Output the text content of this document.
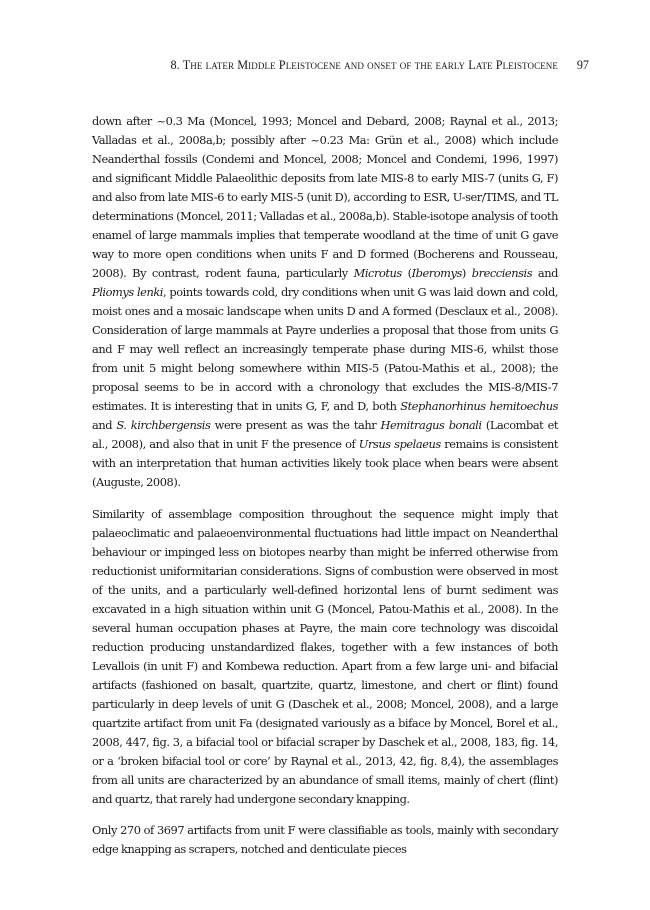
8. The later Middle Pleistocene and onset of the early Late Pleistocene	97

down after ~0.3 Ma (Moncel, 1993; Moncel and Debard, 2008; Raynal et al., 2013; Valladas et al., 2008a,b; possibly after ~0.23 Ma: Grün et al., 2008) which include Neanderthal fossils (Condemi and Moncel, 2008; Moncel and Condemi, 1996, 1997) and significant Middle Palaeolithic deposits from late MIS-8 to early MIS-7 (units G, F) and also from late MIS-6 to early MIS-5 (unit D), according to ESR, U-ser/TIMS, and TL determinations (Moncel, 2011; Valladas et al., 2008a,b). Stable-isotope analysis of tooth enamel of large mammals implies that temperate woodland at the time of unit G gave way to more open conditions when units F and D formed (Bocherens and Rousseau, 2008). By contrast, rodent fauna, particularly Microtus (Iberomys) brecciensis and Pliomys lenki, points towards cold, dry conditions when unit G was laid down and cold, moist ones and a mosaic landscape when units D and A formed (Desclaux et al., 2008). Consideration of large mammals at Payre underlies a proposal that those from units G and F may well reflect an increasingly temperate phase during MIS-6, whilst those from unit 5 might belong somewhere within MIS-5 (Patou-Mathis et al., 2008); the proposal seems to be in accord with a chronology that excludes the MIS-8/MIS-7 estimates. It is interesting that in units G, F, and D, both Stephanorhinus hemitoechus and S. kirchbergensis were present as was the tahr Hemitragus bonali (Lacombat et al., 2008), and also that in unit F the presence of Ursus spelaeus remains is consistent with an interpretation that human activities likely took place when bears were absent (Auguste, 2008).

Similarity of assemblage composition throughout the sequence might imply that palaeoclimatic and palaeoenvironmental fluctuations had little impact on Neanderthal behaviour or impinged less on biotopes nearby than might be inferred otherwise from reductionist uniformitarian considerations. Signs of combustion were observed in most of the units, and a particularly well-defined horizontal lens of burnt sediment was excavated in a high situation within unit G (Moncel, Patou-Mathis et al., 2008). In the several human occupation phases at Payre, the main core technology was discoidal reduction producing unstandardized flakes, together with a few instances of both Levallois (in unit F) and Kombewa reduction. Apart from a few large uni- and bifacial artifacts (fashioned on basalt, quartzite, quartz, limestone, and chert or flint) found particularly in deep levels of unit G (Daschek et al., 2008; Moncel, 2008), and a large quartzite artifact from unit Fa (designated variously as a biface by Moncel, Borel et al., 2008, 447, fig. 3, a bifacial tool or bifacial scraper by Daschek et al., 2008, 183, fig. 14, or a ‘broken bifacial tool or core’ by Raynal et al., 2013, 42, fig. 8,4), the assemblages from all units are characterized by an abundance of small items, mainly of chert (flint) and quartz, that rarely had undergone secondary knapping.

Only 270 of 3697 artifacts from unit F were classifiable as tools, mainly with secondary edge knapping as scrapers, notched and denticulate pieces
